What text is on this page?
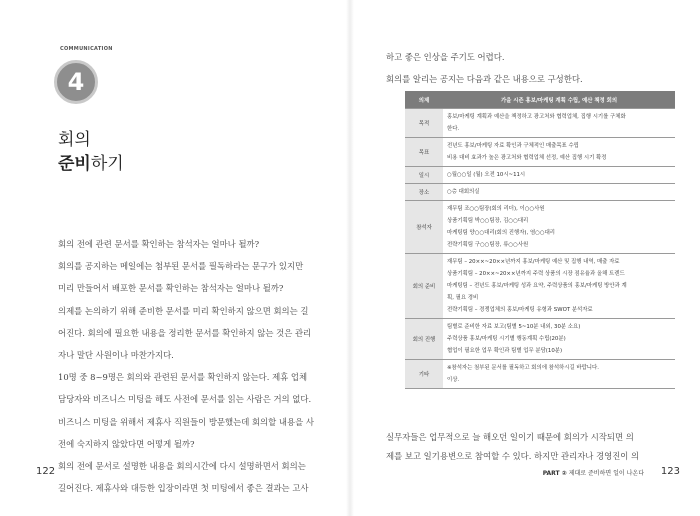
COMMUNICATION
4
회의
준비하기

회의 전에 관련 문서를 확인하는 참석자는 얼마나 될까?

회의를 공지하는 메일에는 첨부된 문서를 필독하라는 문구가 있지만

미리 만들어서 배포한 문서를 확인하는 참석자는 얼마나 될까?

의제를 논의하기 위해 준비한 문서를 미리 확인하지 않으면 회의는 길

어진다. 회의에 필요한 내용을 정리한 문서를 확인하지 않는 것은 관리

자나 말단 사원이나 마찬가지다.

10명 중 8~9명은 회의와 관련된 문서를 확인하지 않는다. 제휴 업체

담당자와 비즈니스 미팅을 해도 사전에 문서를 읽는 사람은 거의 없다.

비즈니스 미팅을 위해서 제휴사 직원들이 방문했는데 회의할 내용을 사

전에 숙지하지 않았다면 어떻게 될까?

회의 전에 문서로 설명한 내용을 회의시간에 다시 설명하면서 회의는

길어진다. 제휴사와 대등한 입장이라면 첫 미팅에서 좋은 결과는 고사

122

하고 좋은 인상을 주기도 어렵다.

회의를 알리는 공지는 다음과 같은 내용으로 구성한다.

의제	가을 시즌 홍보/마케팅 계획 수립, 예산 책정 회의
목적	홍보/마케팅 계획과 예산을 책정하고 광고처와 협력업체, 집행 시기를 구체화
한다.

목표	전년도 홍보/마케팅 자료 확인과 구체적인 매출목표 수립
비용 대비 효과가 높은 광고처와 협력업체 선정, 예산 집행 시기 확정

일시	○월○○일 (월) 오전 10시~11시

장소	○층 대회의실

참석자	재무팀 조○○팀장(회의 리더), 이○○사원
상품기획팀 박○○팀장, 김○○대리
마케팅팀 양○○대리(회의 진행자), 염○○대리
전략기획팀 구○○팀장, 류○○사원

회의 준비	재무팀 – 20××~20××년까지 홍보/마케팅 예산 및 집행 내역, 매출 자료
상품기획팀 – 20××~20××년까지 주력 상품의 시장 점유율과 올해 트렌드
마케팅팀 – 전년도 홍보/마케팅 성과 요약, 주력상품의 홍보/마케팅 방안과 계
획, 필요 경비
전략기획팀 – 경쟁업체의 홍보/마케팅 유형과 SWOT 분석자료

회의 진행	팀별로 준비한 자료 보고(팀별 5~10분 내외, 30분 소요)
주력상품 홍보/마케팅 시기별 행동계획 수립(20분)
협업이 필요한 업무 확인과 팀별 업무 분담(10분)

기타	※참석자는 첨부된 문서를 필독하고 회의에 참석하시길 바랍니다.
이상.

실무자들은 업무적으로 늘 해오던 일이기 때문에 회의가 시작되면 의

제를 보고 일기용변으로 참여할 수 있다. 하지만 관리자나 경영진이 의

PART ② 제대로 준비하면 일이 나온다 123
